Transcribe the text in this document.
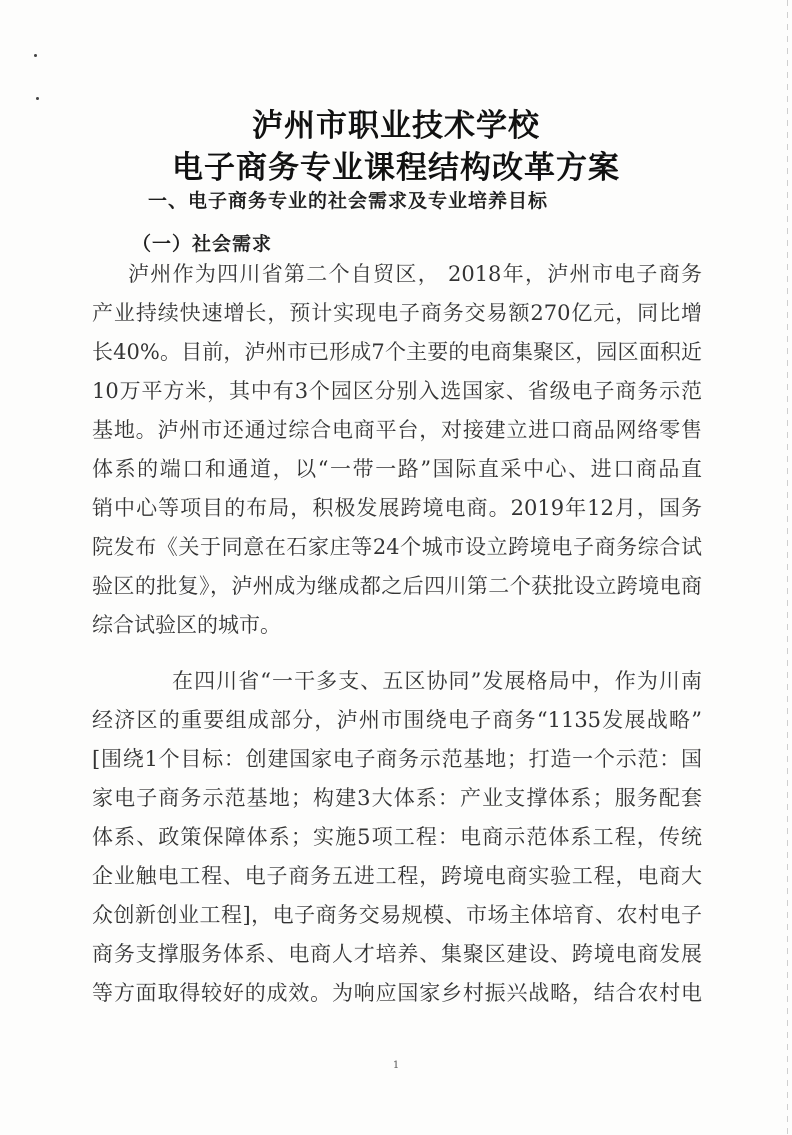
泸州市职业技术学校
电子商务专业课程结构改革方案
一、电子商务专业的社会需求及专业培养目标
（一）社会需求
泸州作为四川省第二个自贸区， 2018年，泸州市电子商务
产业持续快速增长，预计实现电子商务交易额270亿元，同比增
长40%。目前，泸州市已形成7个主要的电商集聚区，园区面积近
10万平方米，其中有3个园区分别入选国家、省级电子商务示范
基地。泸州市还通过综合电商平台，对接建立进口商品网络零售
体系的端口和通道，以“一带一路”国际直采中心、进口商品直
销中心等项目的布局，积极发展跨境电商。2019年12月，国务
院发布《关于同意在石家庄等24个城市设立跨境电子商务综合试
验区的批复》，泸州成为继成都之后四川第二个获批设立跨境电商
综合试验区的城市。
在四川省“一干多支、五区协同”发展格局中，作为川南
经济区的重要组成部分，泸州市围绕电子商务“1135发展战略”
[围绕1个目标：创建国家电子商务示范基地；打造一个示范：国
家电子商务示范基地；构建3大体系：产业支撑体系；服务配套
体系、政策保障体系；实施5项工程：电商示范体系工程，传统
企业触电工程、电子商务五进工程，跨境电商实验工程，电商大
众创新创业工程]，电子商务交易规模、市场主体培育、农村电子
商务支撑服务体系、电商人才培养、集聚区建设、跨境电商发展
等方面取得较好的成效。为响应国家乡村振兴战略，结合农村电
1
